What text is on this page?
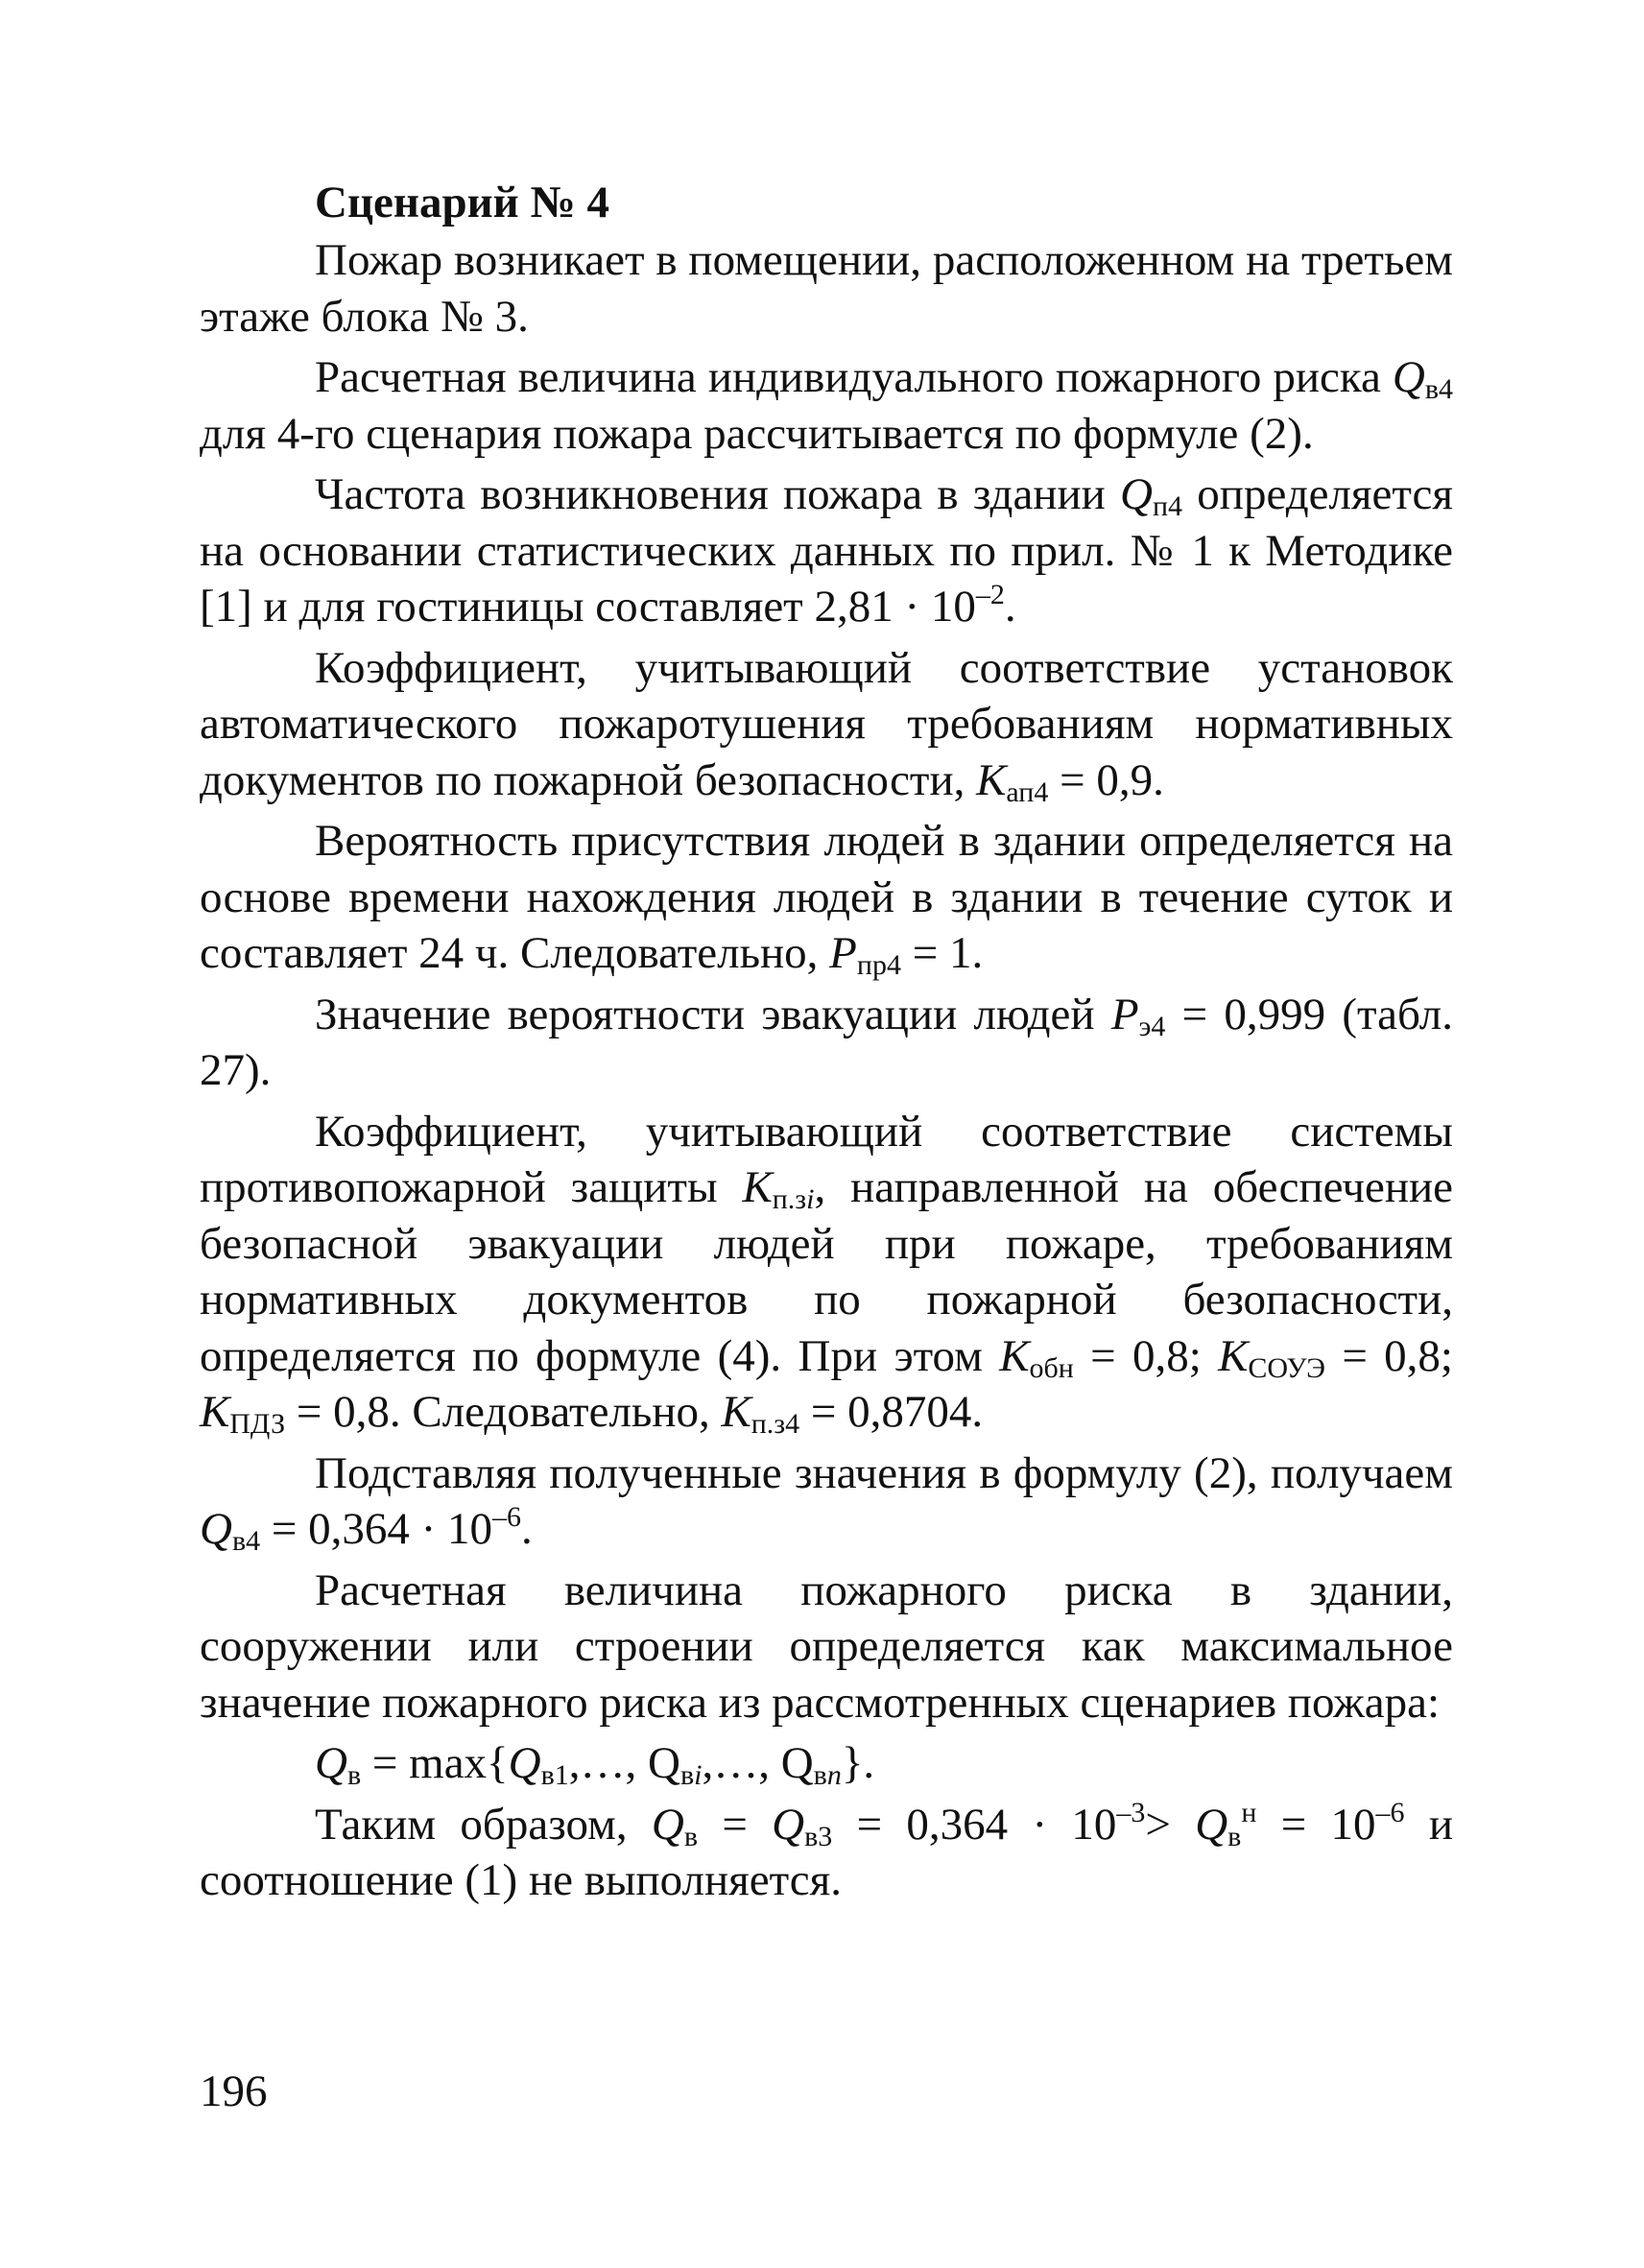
Сценарий № 4

Пожар возникает в помещении, расположенном на третьем этаже блока № 3.

Расчетная величина индивидуального пожарного риска $Q_{в4}$ для 4-го сценария пожара рассчитывается по формуле (2).

Частота возникновения пожара в здании $Q_{п4}$ определяется на основании статистических данных по прил. № 1 к Методике [1] и для гостиницы составляет $2,81 \cdot 10^{-2}$.

Коэффициент, учитывающий соответствие установок автоматического пожаротушения требованиям нормативных документов по пожарной безопасности, $К_{ап4} = 0,9$.

Вероятность присутствия людей в здании определяется на основе времени нахождения людей в здании в течение суток и составляет 24 ч. Следовательно, $Р_{пр4} = 1$.

Значение вероятности эвакуации людей $Р_{э4} = 0,999$ (табл. 27).

Коэффициент, учитывающий соответствие системы противопожарной защиты $К_{п.зi}$, направленной на обеспечение безопасной эвакуации людей при пожаре, требованиям нормативных документов по пожарной безопасности, определяется по формуле (4). При этом $К_{обн} = 0,8$; $К_{СОУЭ} = 0,8$; $К_{ПДЗ} = 0,8$. Следовательно, $К_{п.з4} = 0,8704$.

Подставляя полученные значения в формулу (2), получаем $Q_{в4} = 0,364 \cdot 10^{-6}$.

Расчетная величина пожарного риска в здании, сооружении или строении определяется как максимальное значение пожарного риска из рассмотренных сценариев пожара:

$Q_в$ = $\max\{Q_{в1},\dots$, $Q_{вi},\dots$, $Q_{вn}$}.

Таким образом, $Q_в = Q_{в3} = 0,364 \cdot 10^{-3}> Q_в^н = 10^{-6}$ и соотношение (1) не выполняется.

196
